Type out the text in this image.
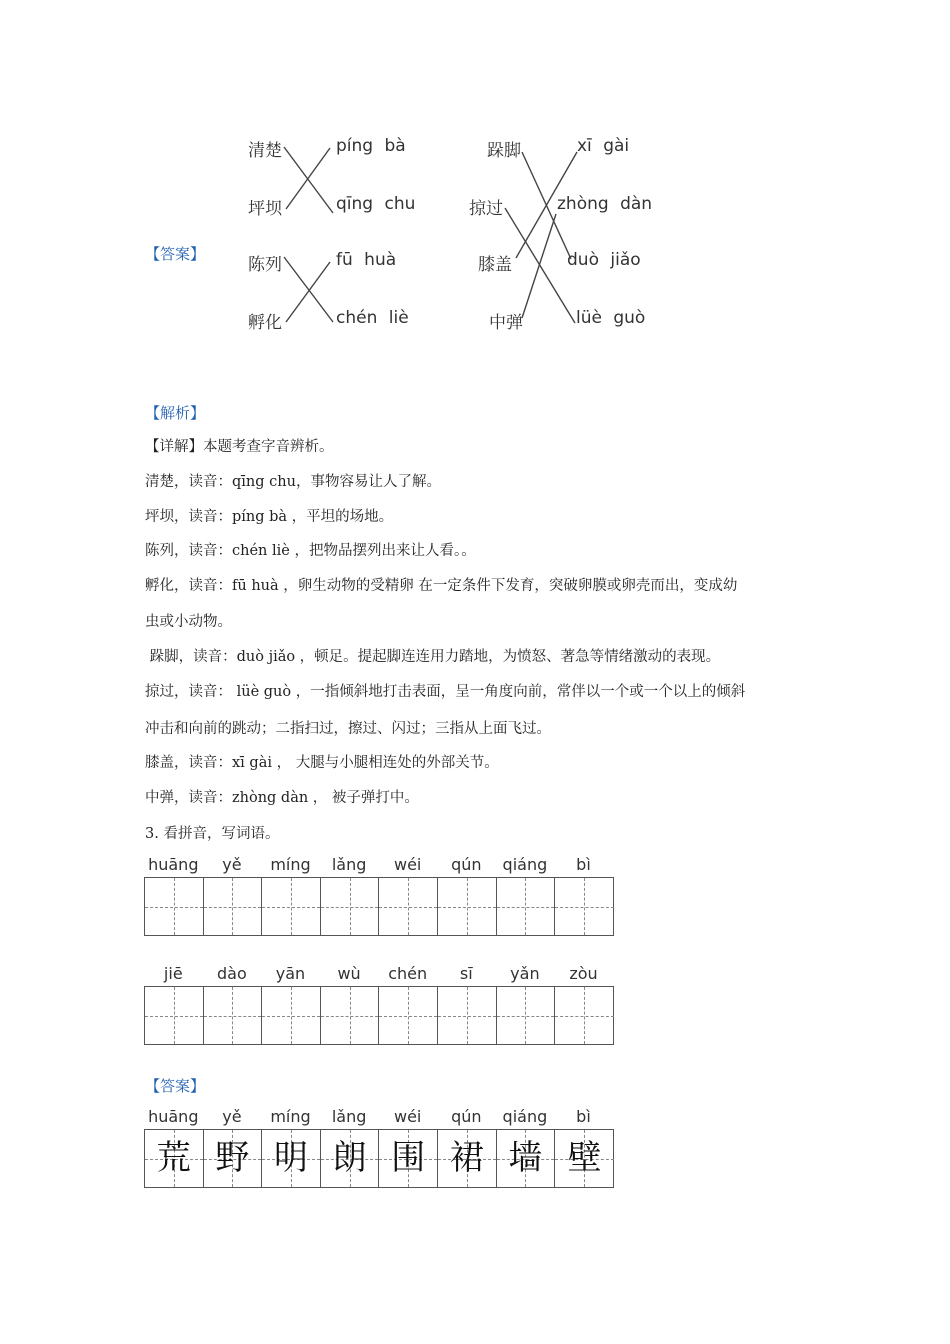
【答案】
清楚
坪坝
陈列
孵化
píng bà
qīng chu
fū huà
chén liè
跺脚
掠过
膝盖
中弹
xī gài
zhòng dàn
duò jiǎo
lüè guò
【解析】
【详解】本题考查字音辨析。
清楚，读音：qīng chu，事物容易让人了解。
坪坝，读音：píng bà ，平坦的场地。
陈列，读音：chén liè ，把物品摆列出来让人看。。
孵化，读音：fū huà ，卵生动物的受精卵 在一定条件下发育，突破卵膜或卵壳而出，变成幼
虫或小动物。
跺脚，读音：duò jiǎo ，顿足。提起脚连连用力踏地，为愤怒、著急等情绪激动的表现。
掠过，读音： lüè guò ，一指倾斜地打击表面，呈一角度向前，常伴以一个或一个以上的倾斜
冲击和向前的跳动；二指扫过，擦过、闪过；三指从上面飞过。
膝盖，读音：xī gài ， 大腿与小腿相连处的外部关节。
中弹，读音：zhòng dàn ， 被子弹打中。
3. 看拼音，写词语。
huāng	yě	míng	lǎng	wéi	qún	qiáng	bì
jiē	dào	yān	wù	chén	sī	yǎn	zòu
【答案】
huāng	yě	míng	lǎng	wéi	qún	qiáng	bì
荒 野 明 朗 围 裙 墙 壁
